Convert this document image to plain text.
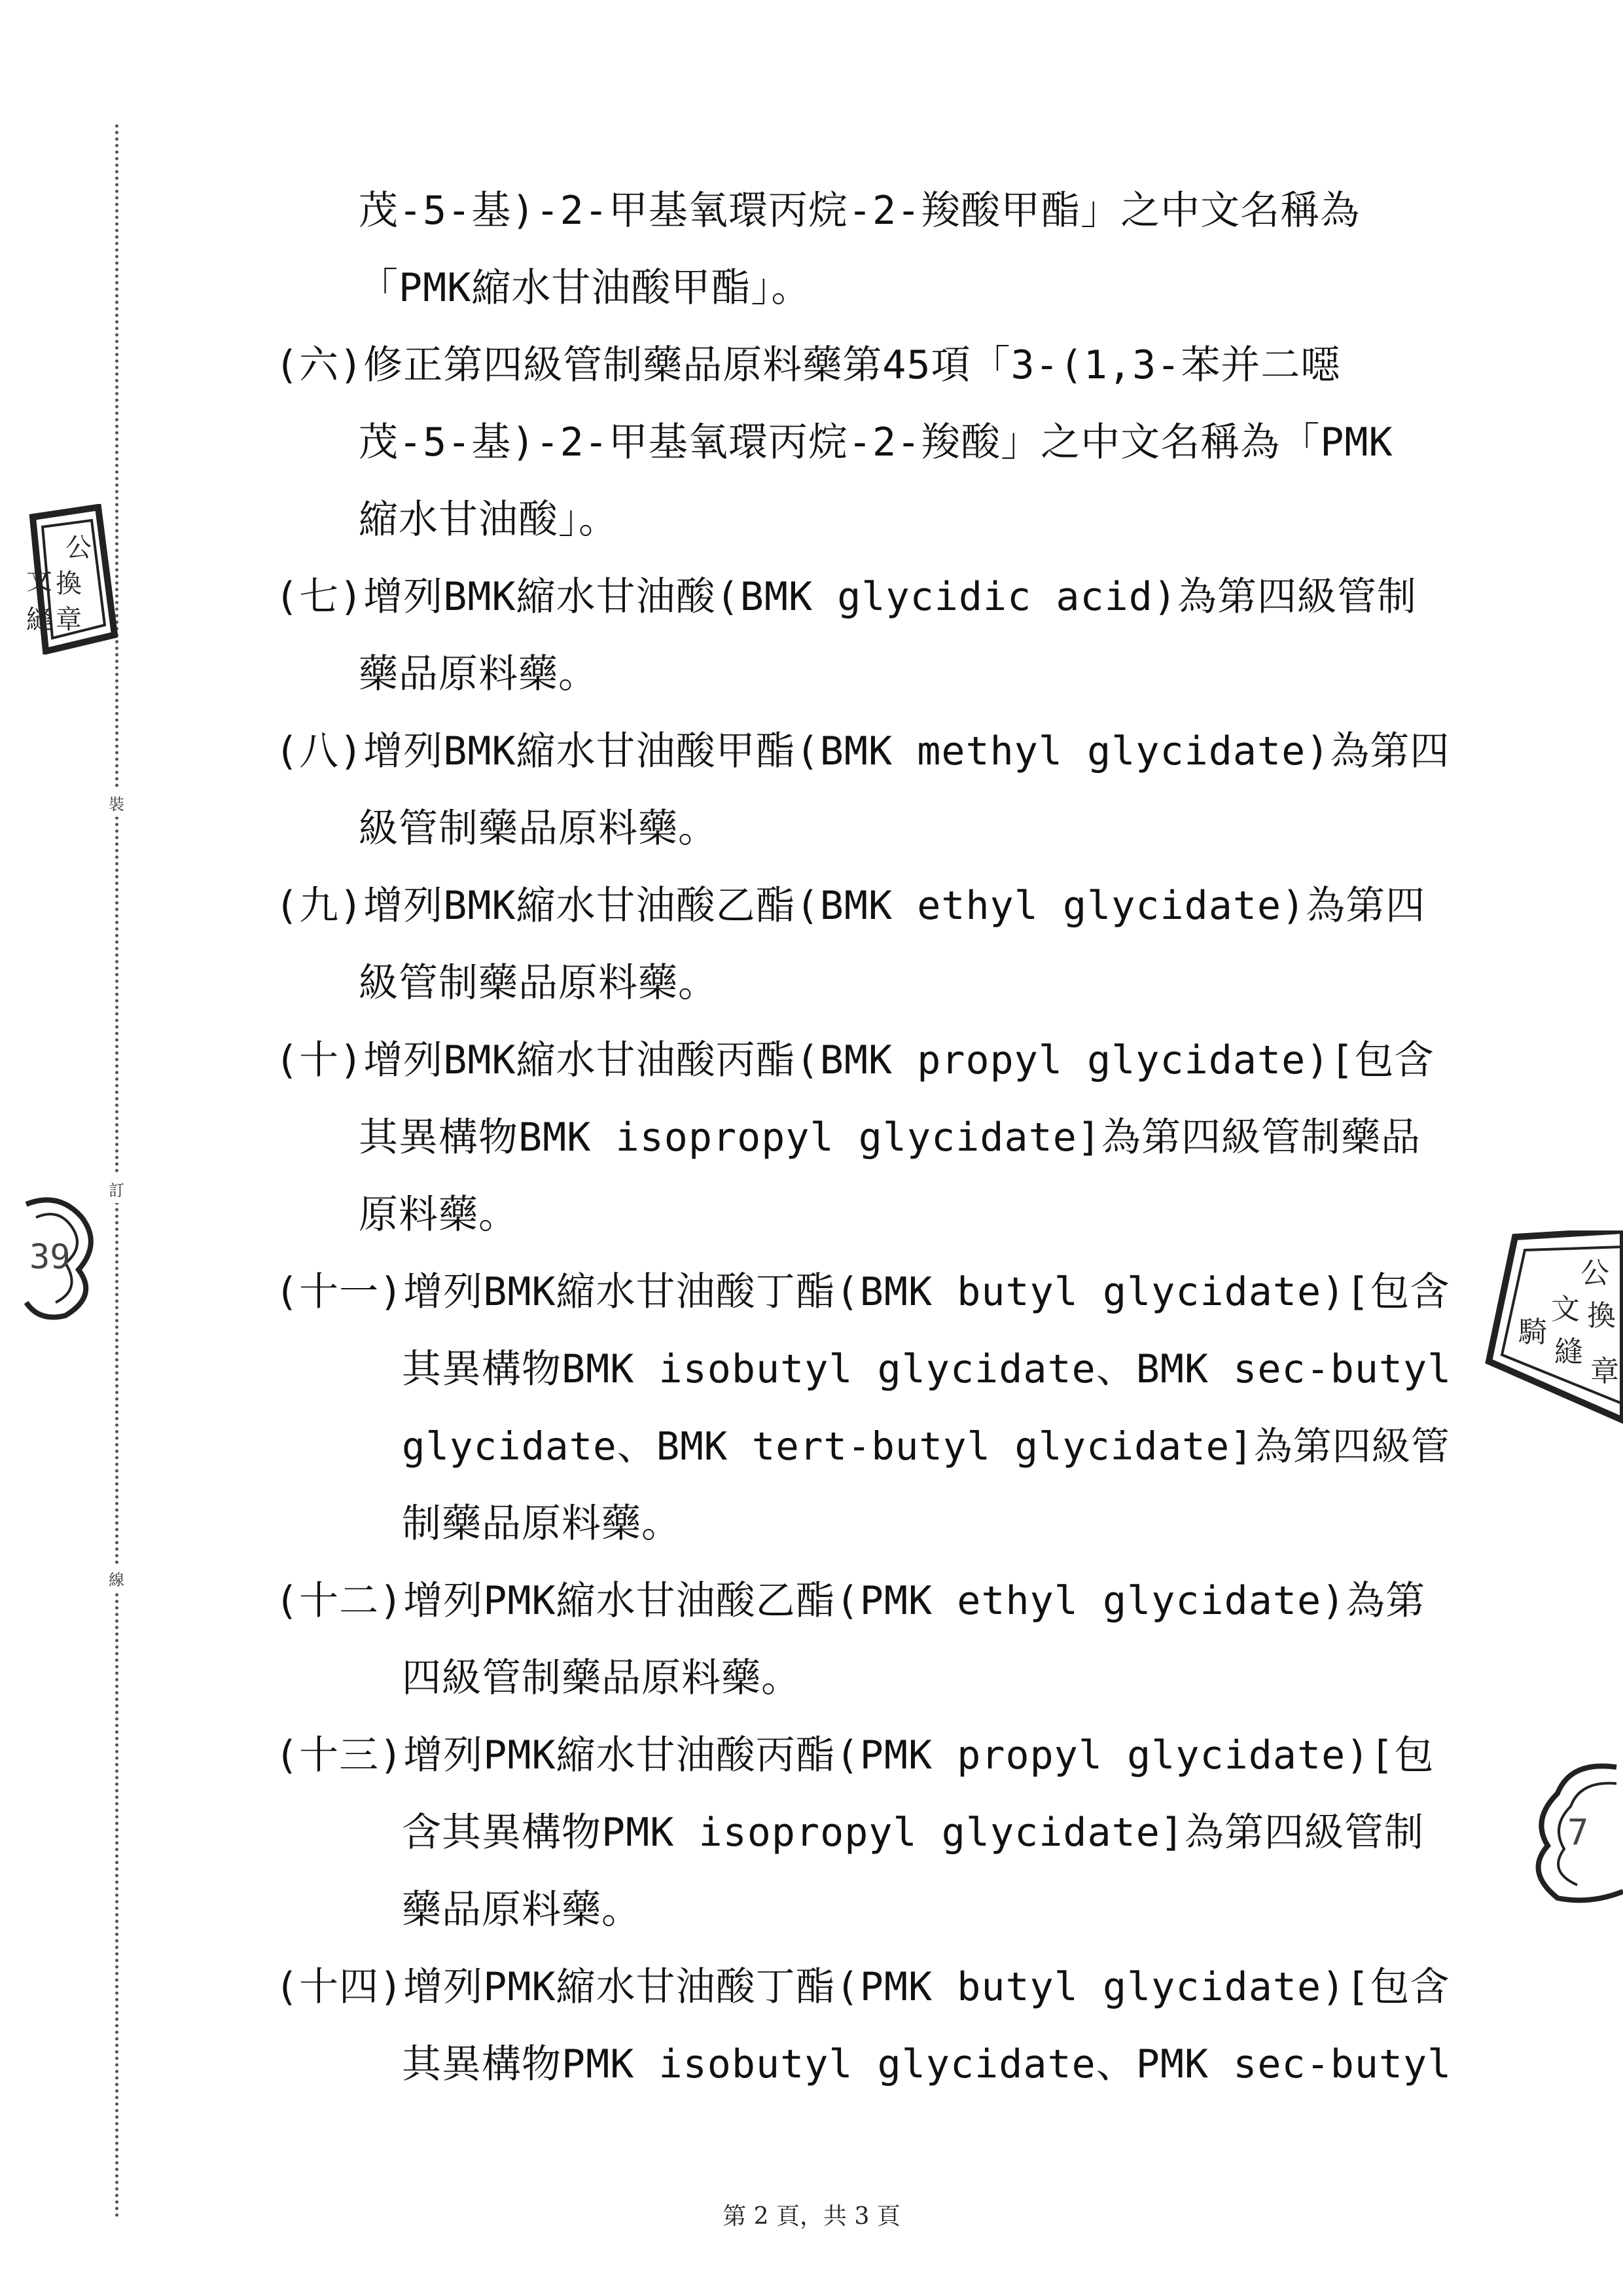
裝
訂
線
公
換
文
章
縫
39	公
文 換
騎
縫
章
7
茂-5-基)-2-甲基氧環丙烷-2-羧酸甲酯」之中文名稱為
「PMK縮水甘油酸甲酯」。
(六)修正第四級管制藥品原料藥第45項「3-(1,3-苯并二噁
茂-5-基)-2-甲基氧環丙烷-2-羧酸」之中文名稱為「PMK
縮水甘油酸」。
(七)增列BMK縮水甘油酸(BMK glycidic acid)為第四級管制
藥品原料藥。
(八)增列BMK縮水甘油酸甲酯(BMK methyl glycidate)為第四
級管制藥品原料藥。
(九)增列BMK縮水甘油酸乙酯(BMK ethyl glycidate)為第四
級管制藥品原料藥。
(十)增列BMK縮水甘油酸丙酯(BMK propyl glycidate)[包含
其異構物BMK isopropyl glycidate]為第四級管制藥品
原料藥。
(十一)增列BMK縮水甘油酸丁酯(BMK butyl glycidate)[包含
其異構物BMK isobutyl glycidate、BMK sec-butyl
glycidate、BMK tert-butyl glycidate]為第四級管
制藥品原料藥。
(十二)增列PMK縮水甘油酸乙酯(PMK ethyl glycidate)為第
四級管制藥品原料藥。
(十三)增列PMK縮水甘油酸丙酯(PMK propyl glycidate)[包
含其異構物PMK isopropyl glycidate]為第四級管制
藥品原料藥。
(十四)增列PMK縮水甘油酸丁酯(PMK butyl glycidate)[包含
其異構物PMK isobutyl glycidate、PMK sec-butyl
第 2 頁，共 3 頁
